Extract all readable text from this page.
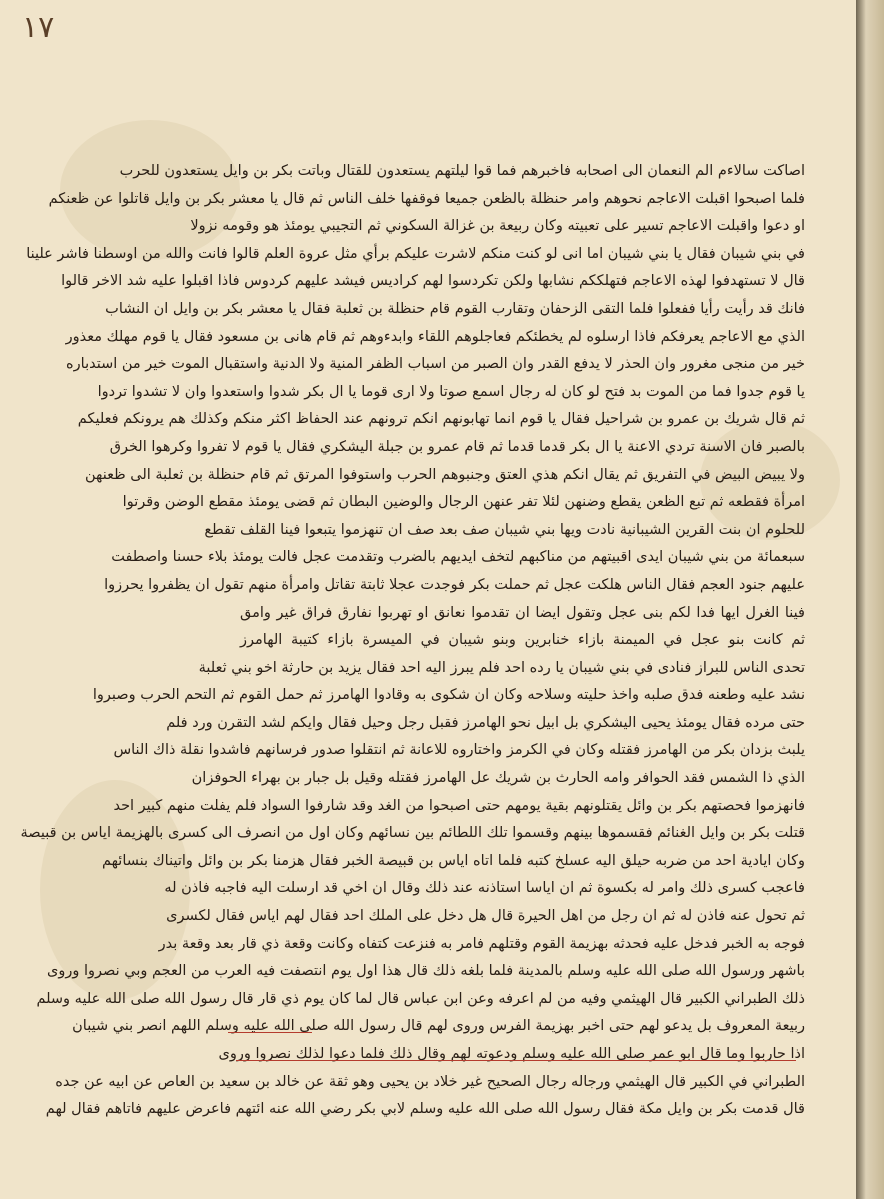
١٧
اصاكت سالاءم الم النعمان الى اصحابه فاخبرهم فما قوا ليلتهم يستعدون للقتال وباتت بكر بن وايل يستعدون للحرب
فلما اصبحوا اقبلت الاعاجم نحوهم وامر حنظلة بالظعن جميعا فوقفها خلف الناس ثم قال يا معشر بكر بن وايل قاتلوا عن ظعنكم
او دعوا واقبلت الاعاجم تسير على تعبيته وكان ربيعة بن غزالة السكوني ثم التجيبي يومئذ هو وقومه نزولا
في بني شيبان فقال يا بني شيبان اما انى لو كنت منكم لاشرت عليكم برأي مثل عروة العلم قالوا فانت والله من اوسطنا فاشر علينا
قال لا تستهدفوا لهذه الاعاجم فتهلككم نشابها ولكن تكردسوا لهم كراديس فيشد عليهم كردوس فاذا اقبلوا عليه شد الاخر قالوا
فانك قد رأيت رأيا ففعلوا فلما التقى الزحفان وتقارب القوم قام حنظلة بن ثعلبة فقال يا معشر بكر بن وايل ان النشاب
الذي مع الاعاجم يعرفكم فاذا ارسلوه لم يخطئكم فعاجلوهم اللقاء وابدءوهم ثم قام هانى بن مسعود فقال يا قوم مهلك معذور
خير من منجى مغرور وان الحذر لا يدفع القدر وان الصبر من اسباب الظفر المنية ولا الدنية واستقبال الموت خير من استدباره
يا قوم جدوا فما من الموت بد فتح لو كان له رجال اسمع صوتا ولا ارى قوما يا ال بكر شدوا واستعدوا وان لا تشدوا تردوا
ثم قال شريك بن عمرو بن شراحيل فقال يا قوم انما تهابونهم انكم ترونهم عند الحفاظ اكثر منكم وكذلك هم يرونكم فعليكم
بالصبر فان الاسنة تردي الاعنة يا ال بكر قدما قدما ثم قام عمرو بن جبلة اليشكري فقال يا قوم لا تفروا وكرهوا الخرق
ولا يبيض البيض في التفريق ثم يقال انكم هذي العتق وجنبوهم الحرب واستوفوا المرتق ثم قام حنظلة بن ثعلبة الى ظعنهن
امرأة فقطعه ثم تبع الظعن يقطع وضنهن لئلا تفر عنهن الرجال والوضين البطان ثم قضى يومئذ مقطع الوضن وقرتوا
للحلوم ان بنت القرين الشيبانية نادت ويها بني شيبان صف بعد صف ان تنهزموا يتبعوا فينا القلف تقطع
سبعمائة من بني شيبان ايدى اقبيتهم من مناكبهم لتخف ايديهم بالضرب وتقدمت عجل فالت يومئذ بلاء حسنا واصطفت
عليهم جنود العجم فقال الناس هلكت عجل ثم حملت بكر فوجدت عجلا ثابتة تقاتل وامرأة منهم تقول ان يظفروا يحرزوا
فينا الغرل ايها فدا لكم بنى عجل وتقول ايضا ان تقدموا نعانق او تهربوا نفارق فراق غير وامق
ثم كانت بنو عجل في الميمنة بازاء خنابرين وبنو شيبان في الميسرة بازاء كتيبة الهامرز
تحدى الناس للبراز فنادى في بني شيبان يا رده احد فلم يبرز اليه احد فقال يزيد بن حارثة اخو بني ثعلبة
نشد عليه وطعنه فدق صلبه واخذ حليته وسلاحه وكان ان شكوى به وقادوا الهامرز ثم حمل القوم ثم التحم الحرب وصبروا
حتى مرده فقال يومئذ يحيى اليشكري بل ابيل نحو الهامرز فقبل رجل وحيل فقال وايكم لشد التقرن ورد فلم
يلبث بزدان بكر من الهامرز فقتله وكان في الكرمز واختاروه للاعانة ثم انتقلوا صدور فرسانهم فاشدوا نقلة ذاك الناس
الذي ذا الشمس فقد الحوافر وامه الحارث بن شريك عل الهامرز فقتله وقيل بل جبار بن بهراء الحوفزان
فانهزموا فحصتهم بكر بن وائل يقتلونهم بقية يومهم حتى اصبحوا من الغد وقد شارفوا السواد فلم يفلت منهم كبير احد
قتلت بكر بن وايل الغنائم فقسموها بينهم وقسموا تلك اللطائم بين نسائهم وكان اول من انصرف الى كسرى بالهزيمة اياس بن قبيصة
وكان ايادية احد من ضربه حيلق اليه عسلخ كتبه فلما اتاه اياس بن قبيصة الخبر فقال هزمنا بكر بن وائل واتيناك بنسائهم
فاعجب كسرى ذلك وامر له بكسوة ثم ان اياسا استاذنه عند ذلك وقال ان اخي قد ارسلت اليه فاجبه فاذن له
ثم تحول عنه فاذن له ثم ان رجل من اهل الحيرة قال هل دخل على الملك احد فقال لهم اياس فقال لكسرى
فوجه به الخبر فدخل عليه فحدثه بهزيمة القوم وقتلهم فامر به فنزعت كتفاه وكانت وقعة ذي قار بعد وقعة بدر
باشهر ورسول الله صلى الله عليه وسلم بالمدينة فلما بلغه ذلك قال هذا اول يوم انتصفت فيه العرب من العجم وبي نصروا وروى
ذلك الطبراني الكبير قال الهيثمي وفيه من لم اعرفه وعن ابن عباس قال لما كان يوم ذي قار قال رسول الله صلى الله عليه وسلم
ربيعة المعروف بل يدعو لهم حتى اخبر بهزيمة الفرس وروى لهم قال رسول الله صلى الله عليه وسلم اللهم انصر بني شيبان
اذا حاربوا وما قال ابو عمر صلى الله عليه وسلم ودعوته لهم وقال ذلك فلما دعوا لذلك نصروا وروى
الطبراني في الكبير قال الهيثمي ورجاله رجال الصحيح غير خلاد بن يحيى وهو ثقة عن خالد بن سعيد بن العاص عن ابيه عن جده
قال قدمت بكر بن وايل مكة فقال رسول الله صلى الله عليه وسلم لابي بكر رضي الله عنه ائتهم فاعرض عليهم فاتاهم فقال لهم
